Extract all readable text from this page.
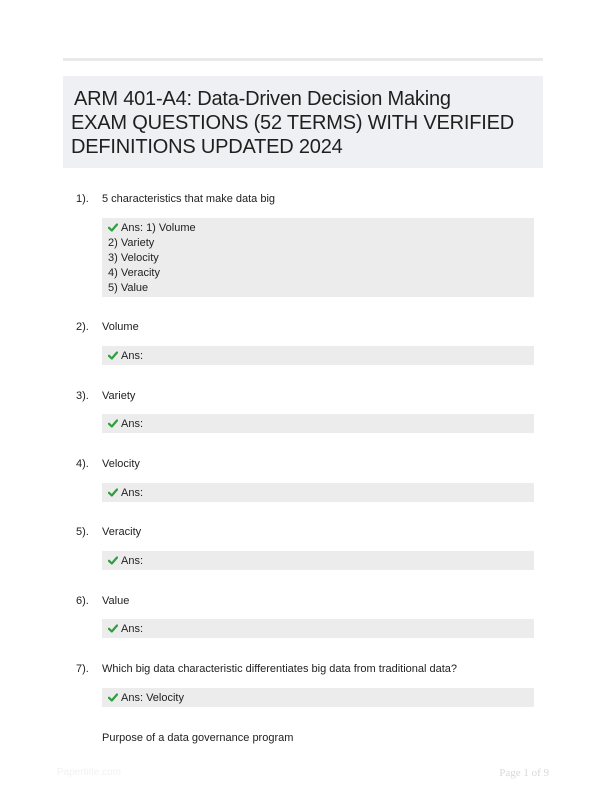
ARM 401-A4: Data-Driven Decision Making
EXAM QUESTIONS (52 TERMS) WITH VERIFIED
DEFINITIONS UPDATED 2024
1). 5 characteristics that make data big
Ans: 1) Volume
2) Variety
3) Velocity
4) Veracity
5) Value
2). Volume
Ans:
3). Variety
Ans:
4). Velocity
Ans:
5). Veracity
Ans:
6). Value
Ans:
7). Which big data characteristic differentiates big data from traditional data?
Ans: Velocity
Purpose of a data governance program
Papertitle.com	Page 1 of 9
